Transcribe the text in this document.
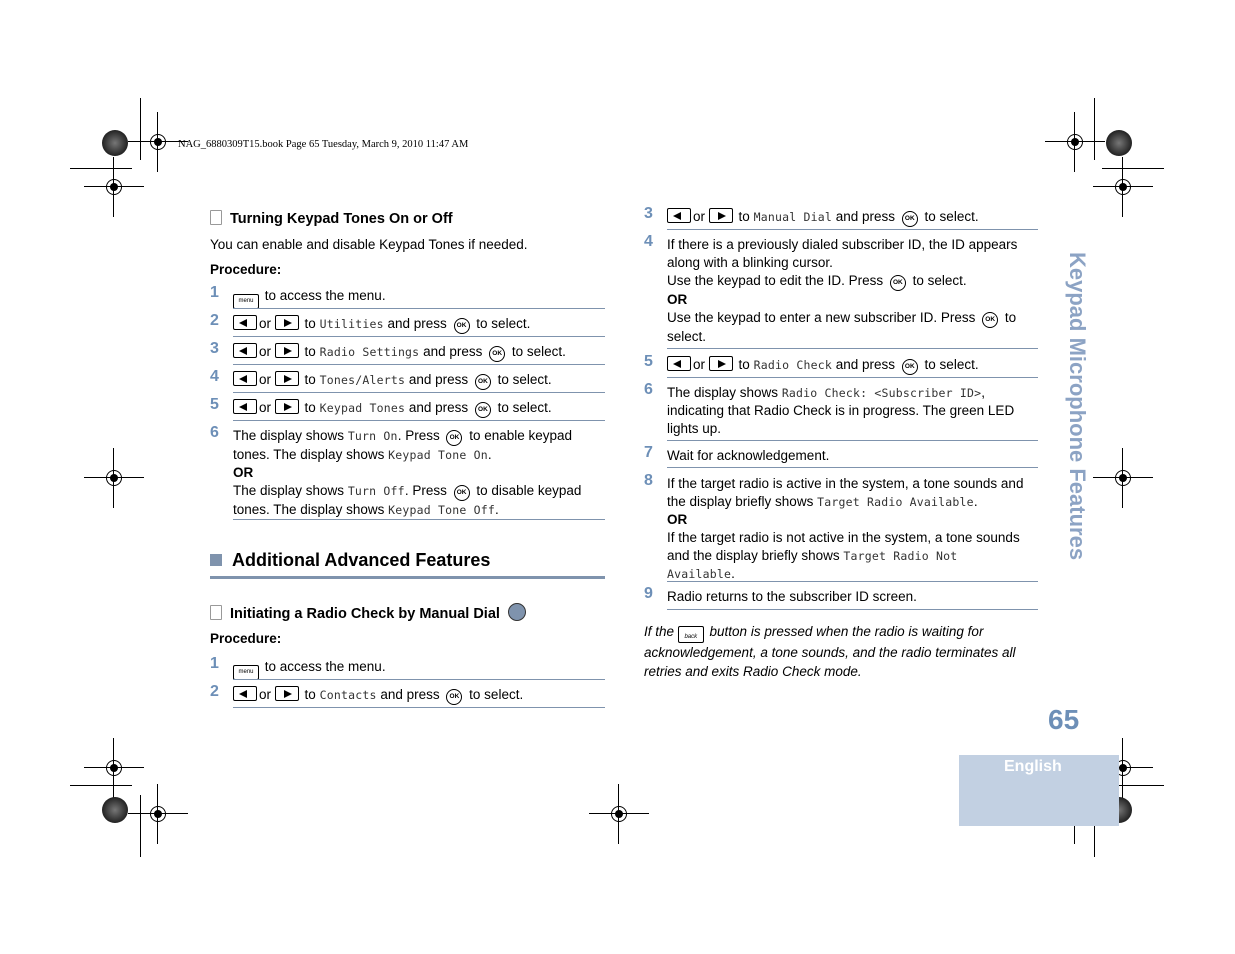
NAG_6880309T15.book Page 65 Tuesday, March 9, 2010 11:47 AM
Turning Keypad Tones On or Off
You can enable and disable Keypad Tones if needed.
Procedure:
1	menu to access the menu.
2	or to Utilities and press OK to select.
3	or to Radio Settings and press OK to select.
4	or to Tones/Alerts and press OK to select.
5	or to Keypad Tones and press OK to select.
6 The display shows Turn On. Press OK to enable keypad
tones. The display shows Keypad Tone On.
OR
The display shows Turn Off. Press OK to disable keypad
tones. The display shows Keypad Tone Off.
Additional Advanced Features
Initiating a Radio Check by Manual Dial
Procedure:
1	menu to access the menu.
2	or to Contacts and press OK to select.
3	or to Manual Dial and press OK to select.
4 If there is a previously dialed subscriber ID, the ID appears
along with a blinking cursor.
Use the keypad to edit the ID. Press OK to select.
OR
Use the keypad to enter a new subscriber ID. Press OK to
select.
5	or to Radio Check and press OK to select.
6 The display shows Radio Check: <Subscriber ID>,
indicating that Radio Check is in progress. The green LED
lights up.
7 Wait for acknowledgement.
8 If the target radio is active in the system, a tone sounds and
the display briefly shows Target Radio Available.
OR
If the target radio is not active in the system, a tone sounds
and the display briefly shows Target Radio Not
Available.
9 Radio returns to the subscriber ID screen.
If the back button is pressed when the radio is waiting for
acknowledgement, a tone sounds, and the radio terminates all
retries and exits Radio Check mode.
Keypad Microphone Features
65
English
